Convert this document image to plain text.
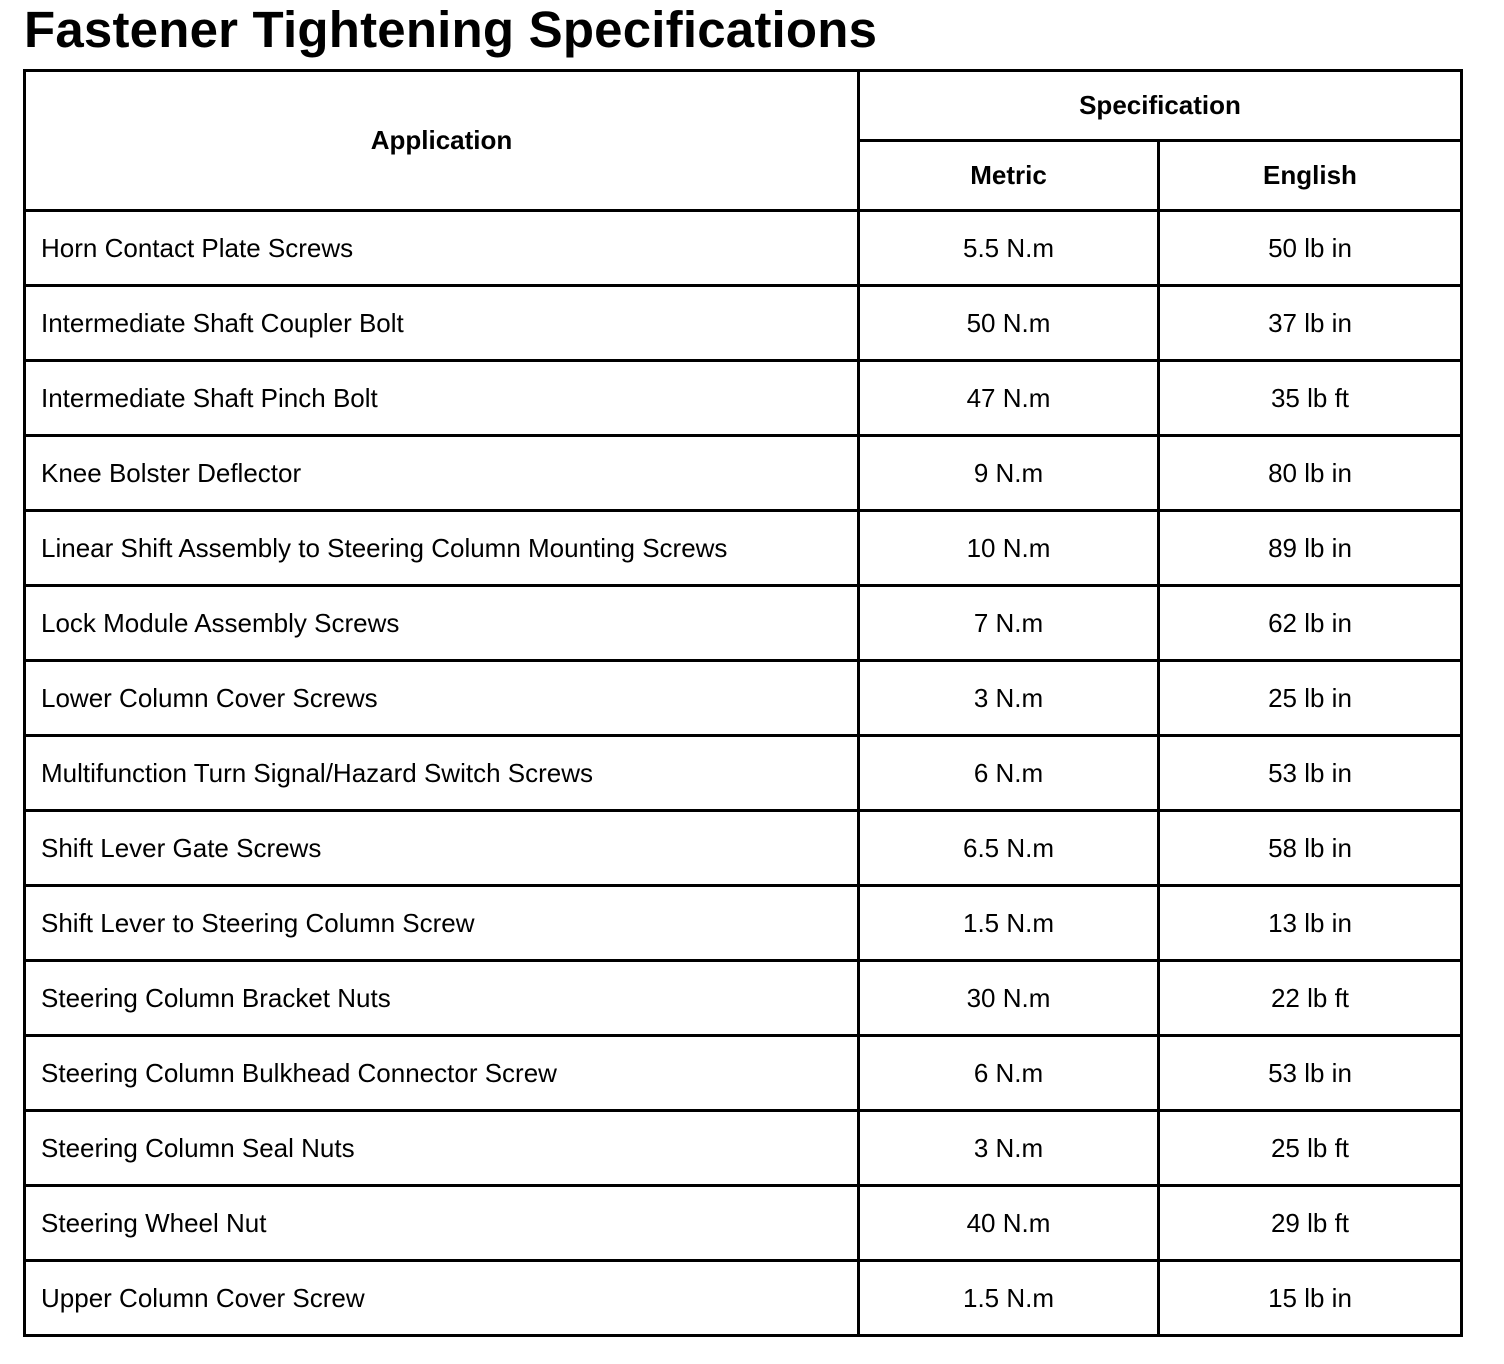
Fastener Tightening Specifications
Application	Specification	
	Metric	English
Horn Contact Plate Screws	5.5 N.m	50 lb in
Intermediate Shaft Coupler Bolt	50 N.m	37 lb in
Intermediate Shaft Pinch Bolt	47 N.m	35 lb ft
Knee Bolster Deflector	9 N.m	80 lb in
Linear Shift Assembly to Steering Column Mounting Screws	10 N.m	89 lb in
Lock Module Assembly Screws	7 N.m	62 lb in
Lower Column Cover Screws	3 N.m	25 lb in
Multifunction Turn Signal/Hazard Switch Screws	6 N.m	53 lb in
Shift Lever Gate Screws	6.5 N.m	58 lb in
Shift Lever to Steering Column Screw	1.5 N.m	13 lb in
Steering Column Bracket Nuts	30 N.m	22 lb ft
Steering Column Bulkhead Connector Screw	6 N.m	53 lb in
Steering Column Seal Nuts	3 N.m	25 lb ft
Steering Wheel Nut	40 N.m	29 lb ft
Upper Column Cover Screw	1.5 N.m	15 lb in
